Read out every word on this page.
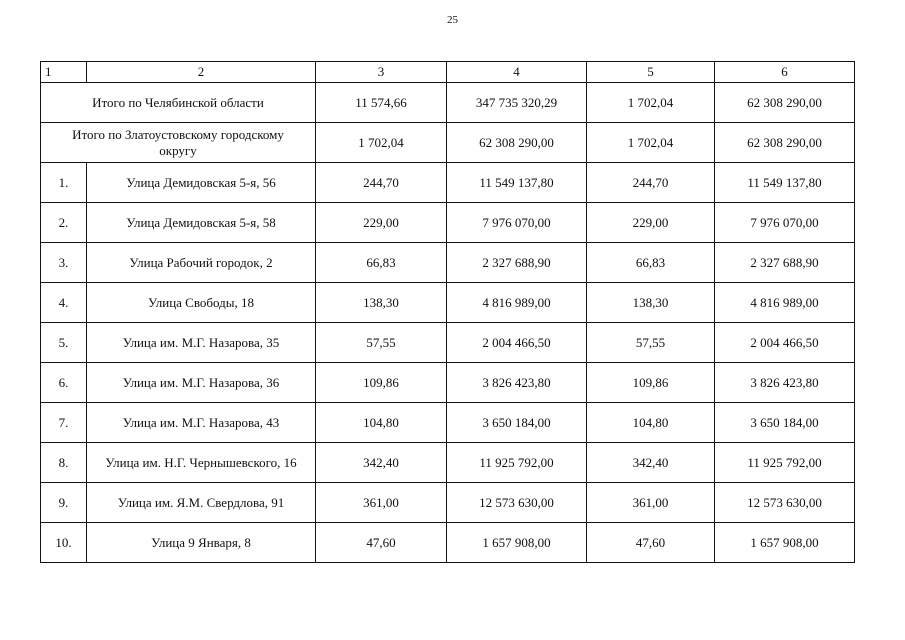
25
1	2	3	4	5	6
Итого по Челябинской области		11 574,66	347 735 320,29	1 702,04	62 308 290,00
Итого по Златоустовскому городскому округу		1 702,04	62 308 290,00	1 702,04	62 308 290,00
1.	Улица Демидовская 5-я, 56	244,70	11 549 137,80	244,70	11 549 137,80
2.	Улица Демидовская 5-я, 58	229,00	7 976 070,00	229,00	7 976 070,00
3.	Улица Рабочий городок, 2	66,83	2 327 688,90	66,83	2 327 688,90
4.	Улица Свободы, 18	138,30	4 816 989,00	138,30	4 816 989,00
5.	Улица им. М.Г. Назарова, 35	57,55	2 004 466,50	57,55	2 004 466,50
6.	Улица им. М.Г. Назарова, 36	109,86	3 826 423,80	109,86	3 826 423,80
7.	Улица им. М.Г. Назарова, 43	104,80	3 650 184,00	104,80	3 650 184,00
8.	Улица им. Н.Г. Чернышевского, 16	342,40	11 925 792,00	342,40	11 925 792,00
9.	Улица им. Я.М. Свердлова, 91	361,00	12 573 630,00	361,00	12 573 630,00
10.	Улица 9 Января, 8	47,60	1 657 908,00	47,60	1 657 908,00
